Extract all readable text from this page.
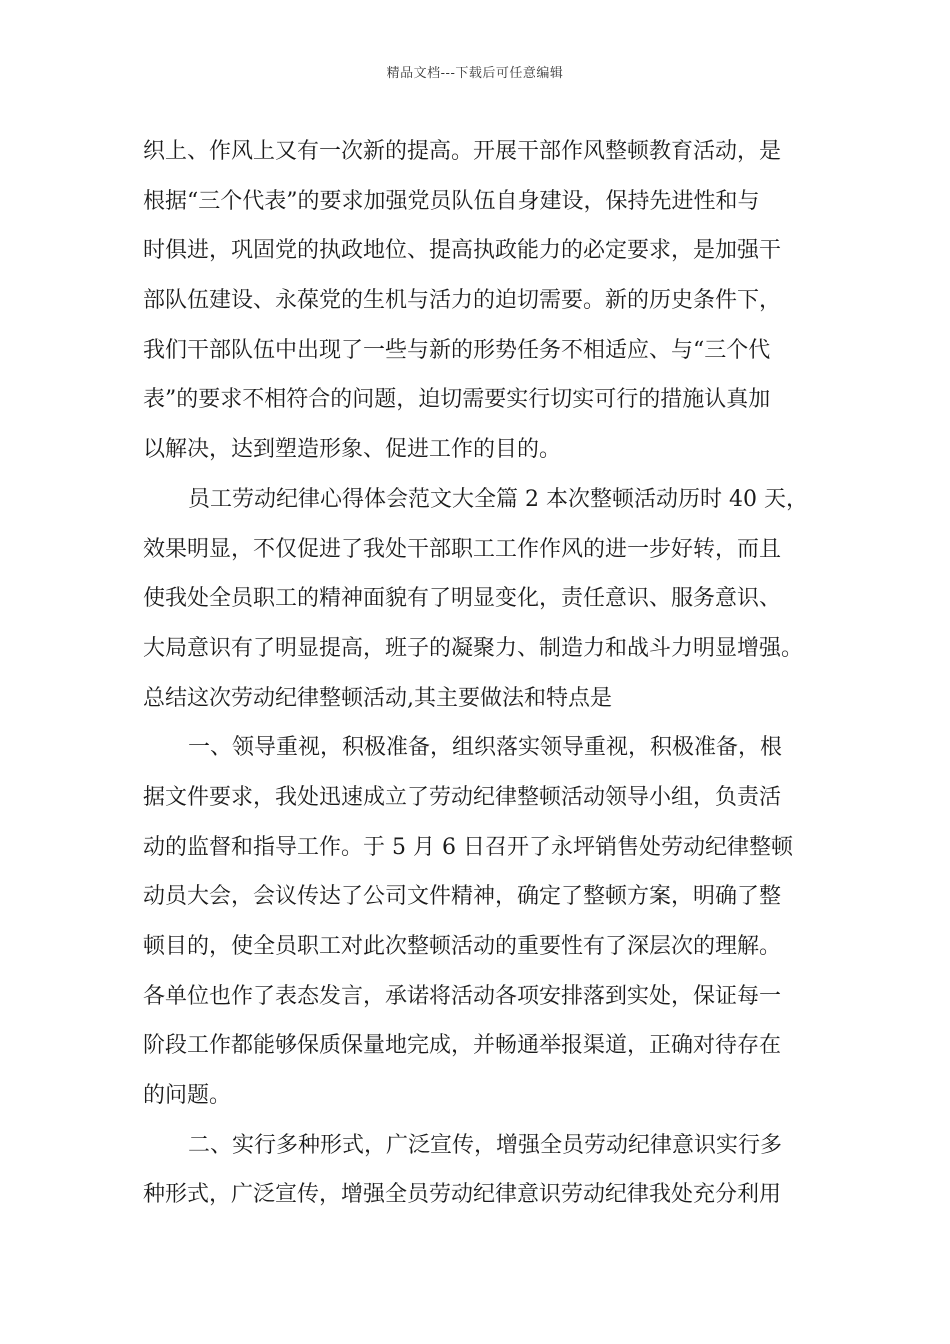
精品文档---下载后可任意编辑
织上、作风上又有一次新的提高。开展干部作风整顿教育活动，是
根据“三个代表”的要求加强党员队伍自身建设，保持先进性和与
时俱进，巩固党的执政地位、提高执政能力的必定要求，是加强干
部队伍建设、永葆党的生机与活力的迫切需要。新的历史条件下，
我们干部队伍中出现了一些与新的形势任务不相适应、与“三个代
表”的要求不相符合的问题，迫切需要实行切实可行的措施认真加
以解决，达到塑造形象、促进工作的目的。
员工劳动纪律心得体会范文大全篇 2 本次整顿活动历时 40 天，
效果明显，不仅促进了我处干部职工工作作风的进一步好转，而且
使我处全员职工的精神面貌有了明显变化，责任意识、服务意识、
大局意识有了明显提高，班子的凝聚力、制造力和战斗力明显增强。
总结这次劳动纪律整顿活动,其主要做法和特点是
一、领导重视，积极准备，组织落实领导重视，积极准备，根
据文件要求，我处迅速成立了劳动纪律整顿活动领导小组，负责活
动的监督和指导工作。于 5 月 6 日召开了永坪销售处劳动纪律整顿
动员大会，会议传达了公司文件精神，确定了整顿方案，明确了整
顿目的，使全员职工对此次整顿活动的重要性有了深层次的理解。
各单位也作了表态发言，承诺将活动各项安排落到实处，保证每一
阶段工作都能够保质保量地完成，并畅通举报渠道，正确对待存在
的问题。
二、实行多种形式，广泛宣传，增强全员劳动纪律意识实行多
种形式，广泛宣传，增强全员劳动纪律意识劳动纪律我处充分利用
